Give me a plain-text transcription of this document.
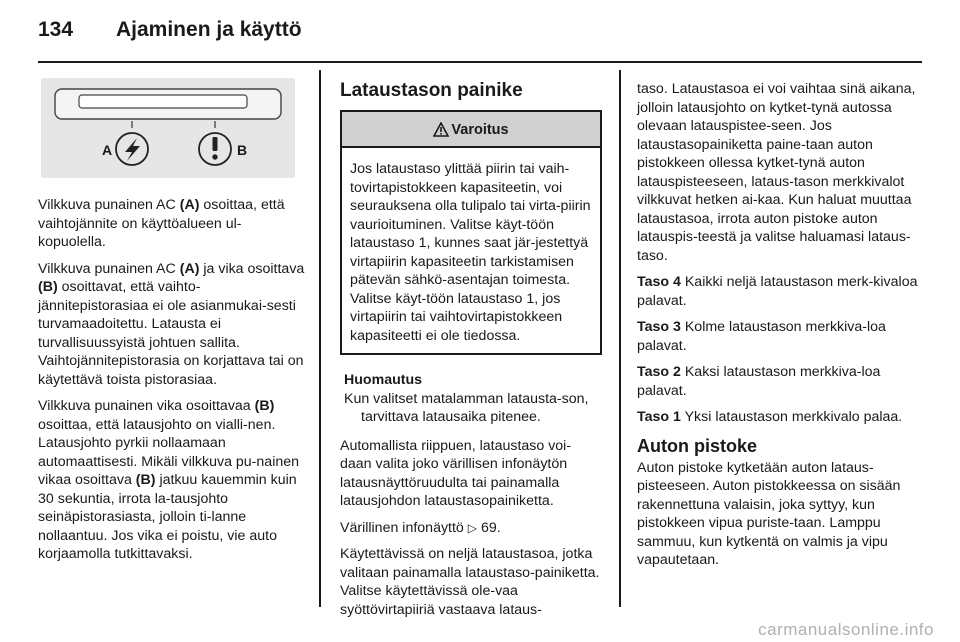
134 Ajaminen ja käyttö
A	B

Vilkkuva punainen AC (A) osoittaa, että vaihtojännite on käyttöalueen ul-kopuolella.

Vilkkuva punainen AC (A) ja vika osoittava (B) osoittavat, että vaihto-jännitepistorasiaa ei ole asianmukai-sesti turvamaadoitettu. Latausta ei turvallisuussyistä johtuen sallita. Vaihtojännitepistorasia on korjattava tai on käytettävä toista pistorasiaa.

Vilkkuva punainen vika osoittavaa (B) osoittaa, että latausjohto on vialli-nen. Latausjohto pyrkii nollaamaan automaattisesti. Mikäli vilkkuva pu-nainen vikaa osoittava (B) jatkuu kauemmin kuin 30 sekuntia, irrota la-tausjohto seinäpistorasiasta, jolloin ti-lanne nollaantuu. Jos vika ei poistu, vie auto korjaamolla tutkittavaksi.

Lataustason painike
Varoitus
Jos lataustaso ylittää piirin tai vaih-tovirtapistokkeen kapasiteetin, voi seurauksena olla tulipalo tai virta-piirin vaurioituminen. Valitse käyt-töön lataustaso 1, kunnes saat jär-jestettyä virtapiirin kapasiteetin tarkistamisen pätevän sähkö-asentajan toimesta. Valitse käyt-töön lataustaso 1, jos virtapiirin tai vaihtovirtapistokkeen kapasiteetti ei ole tiedossa.
Huomautus
Kun valitset matalamman latausta-son, tarvittava latausaika pitenee.

Automallista riippuen, lataustaso voi-daan valita joko värillisen infonäytön latausnäyttöruudulta tai painamalla latausjohdon lataustasopainiketta.

Värillinen infonäyttö ▷ 69.

Käytettävissä on neljä lataustasoa, jotka valitaan painamalla lataustaso-painiketta. Valitse käytettävissä ole-vaa syöttövirtapiiriä vastaava lataus-

taso. Lataustasoa ei voi vaihtaa sinä aikana, jolloin latausjohto on kytket-tynä autossa olevaan latauspistee-seen. Jos lataustasopainiketta paine-taan auton pistokkeen ollessa kytket-tynä auton latauspisteeseen, lataus-tason merkkivalot vilkkuvat hetken ai-kaa. Kun haluat muuttaa lataustasoa, irrota auton pistoke auton latauspis-teestä ja valitse haluamasi lataus-taso.

Taso 4 Kaikki neljä lataustason merk-kivaloa palavat.

Taso 3 Kolme lataustason merkkiva-loa palavat.

Taso 2 Kaksi lataustason merkkiva-loa palavat.

Taso 1 Yksi lataustason merkkivalo palaa.

Auton pistoke

Auton pistoke kytketään auton lataus-pisteeseen. Auton pistokkeessa on sisään rakennettuna valaisin, joka syttyy, kun pistokkeen vipua puriste-taan. Lamppu sammuu, kun kytkentä on valmis ja vipu vapautetaan.

carmanualsonline.info
